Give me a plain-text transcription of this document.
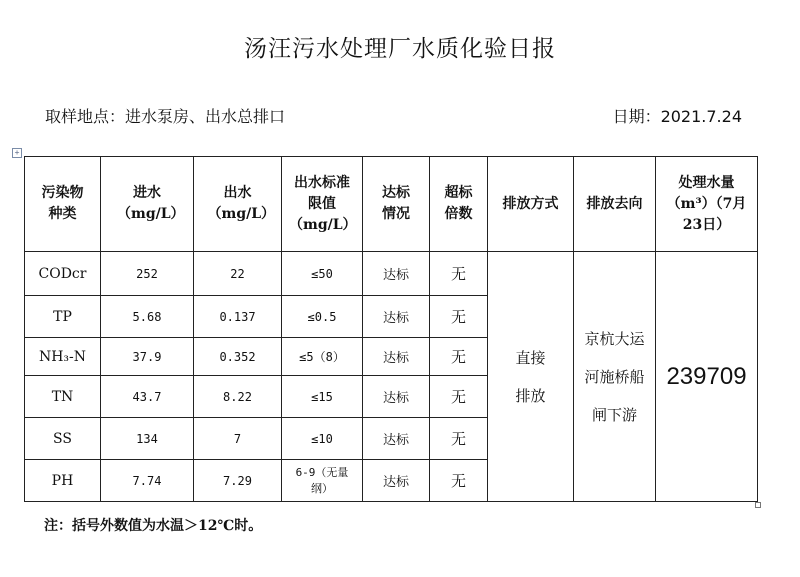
汤汪污水处理厂水质化验日报
取样地点：进水泵房、出水总排口	日期：2021.7.24
+
污染物种类	进水（mg/L）	出水（mg/L）	出水标准限值（mg/L）	达标情况	超标倍数	排放方式	排放去向	处理水量（m³）（7月23日）

CODcr	252	22	≤50	达标	无	直接排放	京杭大运河施桥船闸下游	239709
TP	5.68	0.137	≤0.5	达标	无			
NH₃-N	37.9	0.352	≤5（8）	达标	无			
TN	43.7	8.22	≤15	达标	无			
SS	134	7	≤10	达标	无			
PH	7.74	7.29	6-9（无量纲）	达标	无			
注：括号外数值为水温＞12℃时。
